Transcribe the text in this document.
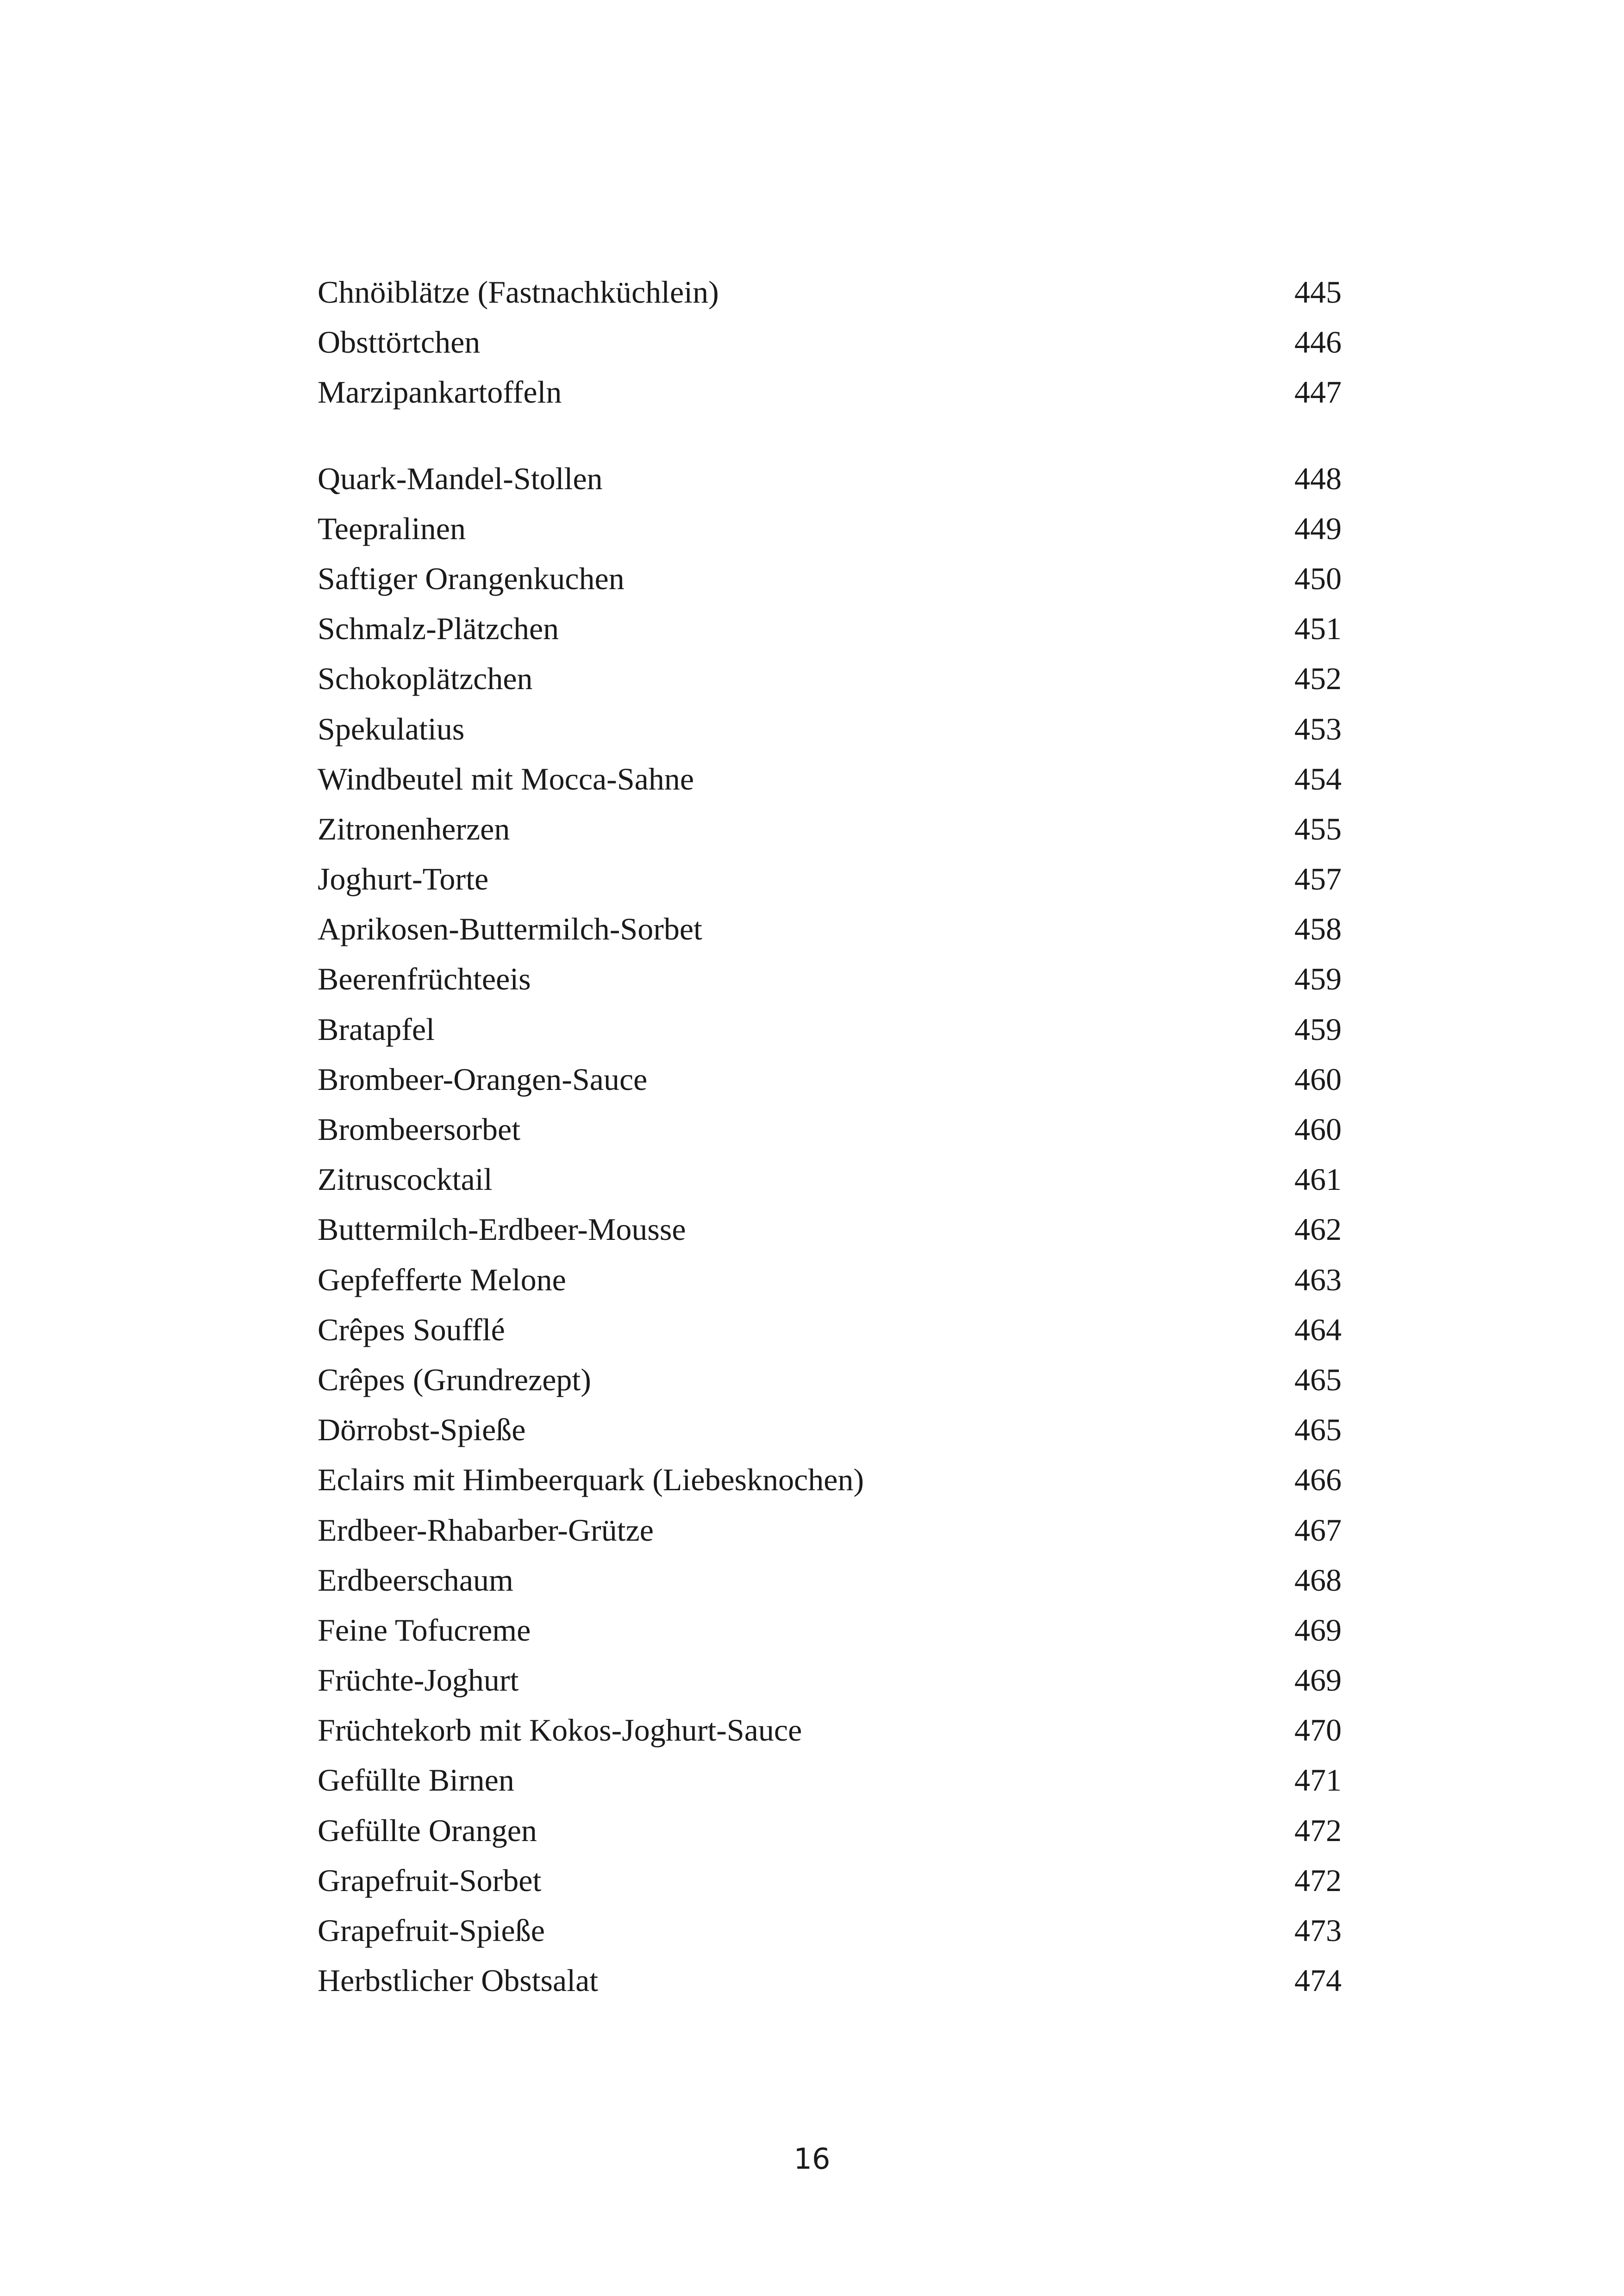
Chnöiblätze (Fastnachküchlein)	445
Obsttörtchen	446
Marzipankartoffeln	447
Quark-Mandel-Stollen	448
Teepralinen	449
Saftiger Orangenkuchen	450
Schmalz-Plätzchen	451
Schokoplätzchen	452
Spekulatius	453
Windbeutel mit Mocca-Sahne	454
Zitronenherzen	455
Joghurt-Torte	457
Aprikosen-Buttermilch-Sorbet	458
Beerenfrüchteeis	459
Bratapfel	459
Brombeer-Orangen-Sauce	460
Brombeersorbet	460
Zitruscocktail	461
Buttermilch-Erdbeer-Mousse	462
Gepfefferte Melone	463
Crêpes Soufflé	464
Crêpes (Grundrezept)	465
Dörrobst-Spieße	465
Eclairs mit Himbeerquark (Liebesknochen)	466
Erdbeer-Rhabarber-Grütze	467
Erdbeerschaum	468
Feine Tofucreme	469
Früchte-Joghurt	469
Früchtekorb mit Kokos-Joghurt-Sauce	470
Gefüllte Birnen	471
Gefüllte Orangen	472
Grapefruit-Sorbet	472
Grapefruit-Spieße	473
Herbstlicher Obstsalat	474
16
